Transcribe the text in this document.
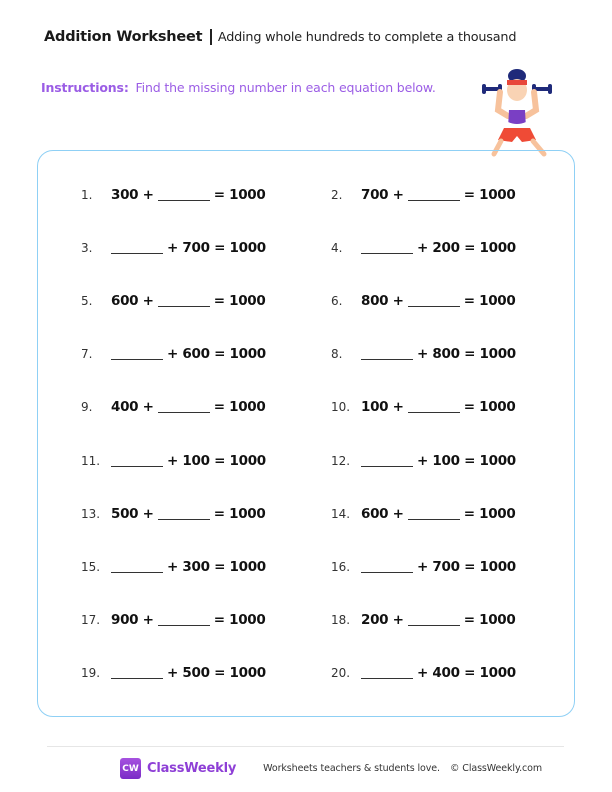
Addition Worksheet Adding whole hundreds to complete a thousand
Instructions: Find the missing number in each equation below.
1.	300 +	= 1000	2.	700 +	= 1000
3.	+ 700 = 1000	4.	+ 200 = 1000
5.	600 +	= 1000	6.	800 +	= 1000
7.	+ 600 = 1000	8.	+ 800 = 1000
9.	400 +	= 1000	10. 100 +	= 1000
11.	+ 100 = 1000	12.	+ 100 = 1000
13. 500 +	= 1000	14. 600 +	= 1000
15.	+ 300 = 1000	16.	+ 700 = 1000
17. 900 +	= 1000	18. 200 +	= 1000
19.	+ 500 = 1000	20.	+ 400 = 1000
CW ClassWeekly	Worksheets teachers & students love. © ClassWeekly.com
